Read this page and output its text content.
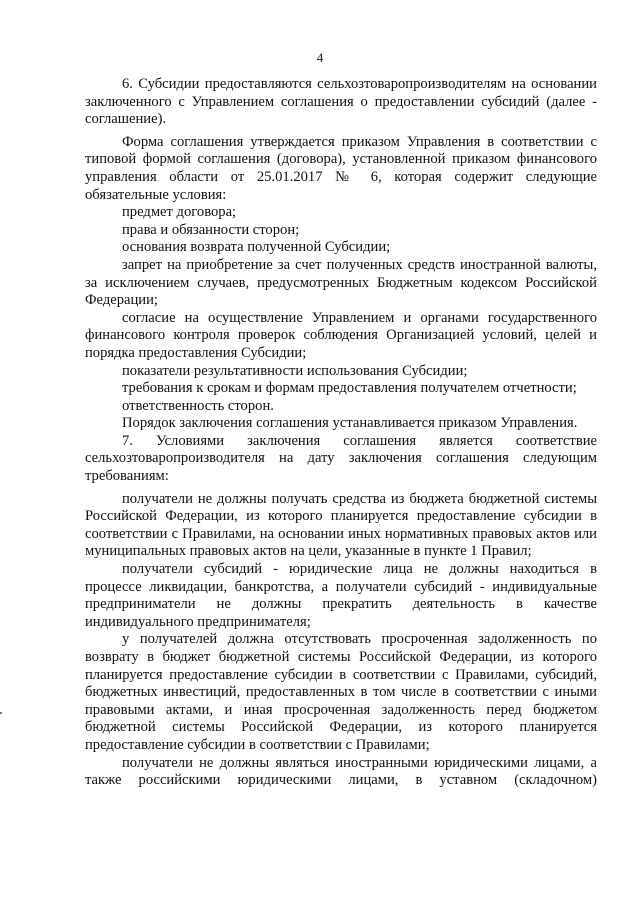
4

6. Субсидии предоставляются сельхозтоваропроизводителям на основании заключенного с Управлением соглашения о предоставлении субсидий (далее - соглашение).

Форма соглашения утверждается приказом Управления в соответствии с типовой формой соглашения (договора), установленной приказом финансового управления области от 25.01.2017 № 6, которая содержит следующие обязательные условия:

предмет договора;

права и обязанности сторон;

основания возврата полученной Субсидии;

запрет на приобретение за счет полученных средств иностранной валюты, за исключением случаев, предусмотренных Бюджетным кодексом Российской Федерации;

согласие на осуществление Управлением и органами государственного финансового контроля проверок соблюдения Организацией условий, целей и порядка предоставления Субсидии;

показатели результативности использования Субсидии;

требования к срокам и формам предоставления получателем отчетности;

ответственность сторон.

Порядок заключения соглашения устанавливается приказом Управления.

7. Условиями заключения соглашения является соответствие сельхозтоваропроизводителя на дату заключения соглашения следующим требованиям:

получатели не должны получать средства из бюджета бюджетной системы Российской Федерации, из которого планируется предоставление субсидии в соответствии с Правилами, на основании иных нормативных правовых актов или муниципальных правовых актов на цели, указанные в пункте 1 Правил;

получатели субсидий - юридические лица не должны находиться в процессе ликвидации, банкротства, а получатели субсидий - индивидуальные предприниматели не должны прекратить деятельность в качестве индивидуального предпринимателя;

у получателей должна отсутствовать просроченная задолженность по возврату в бюджет бюджетной системы Российской Федерации, из которого планируется предоставление субсидии в соответствии с Правилами, субсидий, бюджетных инвестиций, предоставленных в том числе в соответствии с иными правовыми актами, и иная просроченная задолженность перед бюджетом бюджетной системы Российской Федерации, из которого планируется предоставление субсидии в соответствии с Правилами;

получатели не должны являться иностранными юридическими лицами, а также российскими юридическими лицами, в уставном (складочном)
